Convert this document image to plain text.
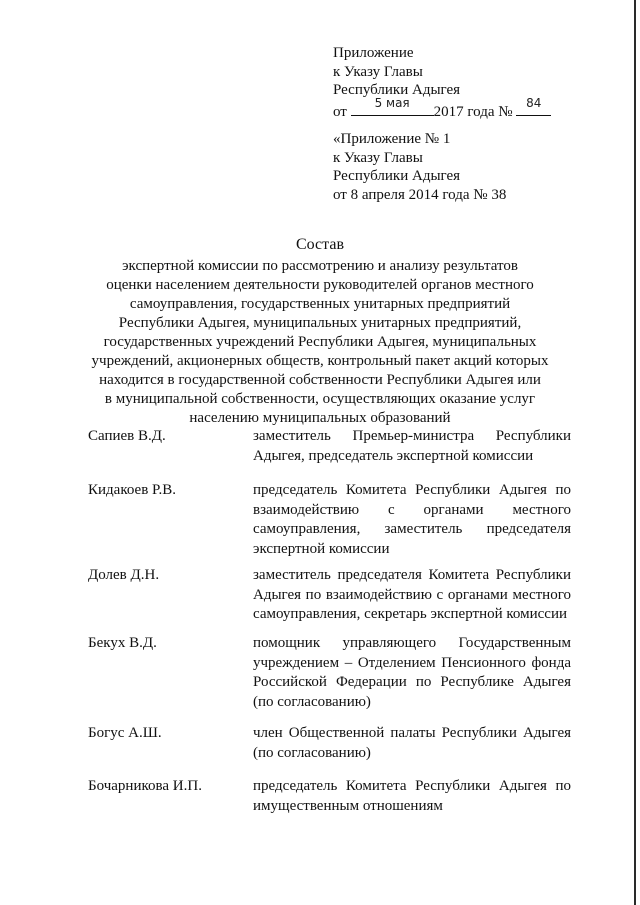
Приложение
к Указу Главы
Республики Адыгея
от
5 мая
2017 года №
84
«Приложение № 1
к Указу Главы
Республики Адыгея
от 8 апреля 2014 года № 38
Состав
экспертной комиссии по рассмотрению и анализу результатов
оценки населением деятельности руководителей органов местного
самоуправления, государственных унитарных предприятий
Республики Адыгея, муниципальных унитарных предприятий,
государственных учреждений Республики Адыгея, муниципальных
учреждений, акционерных обществ, контрольный пакет акций которых
находится в государственной собственности Республики Адыгея или
в муниципальной собственности, осуществляющих оказание услуг
населению муниципальных образований
Сапиев В.Д.	заместитель Премьер-министра Республики Адыгея, председатель экспертной комиссии
Кидакоев Р.В.	председатель Комитета Республики Адыгея по взаимодействию с органами местного самоуправления, заместитель председателя экспертной комиссии
Долев Д.Н.	заместитель председателя Комитета Республики Адыгея по взаимодействию с органами местного самоуправления, секретарь экспертной комиссии
Бекух В.Д.	помощник управляющего Государственным учреждением – Отделением Пенсионного фонда Российской Федерации по Республике Адыгея (по согласованию)
Богус А.Ш.	член Общественной палаты Республики Адыгея (по согласованию)
Бочарникова И.П.	председатель Комитета Республики Адыгея по имущественным отношениям
